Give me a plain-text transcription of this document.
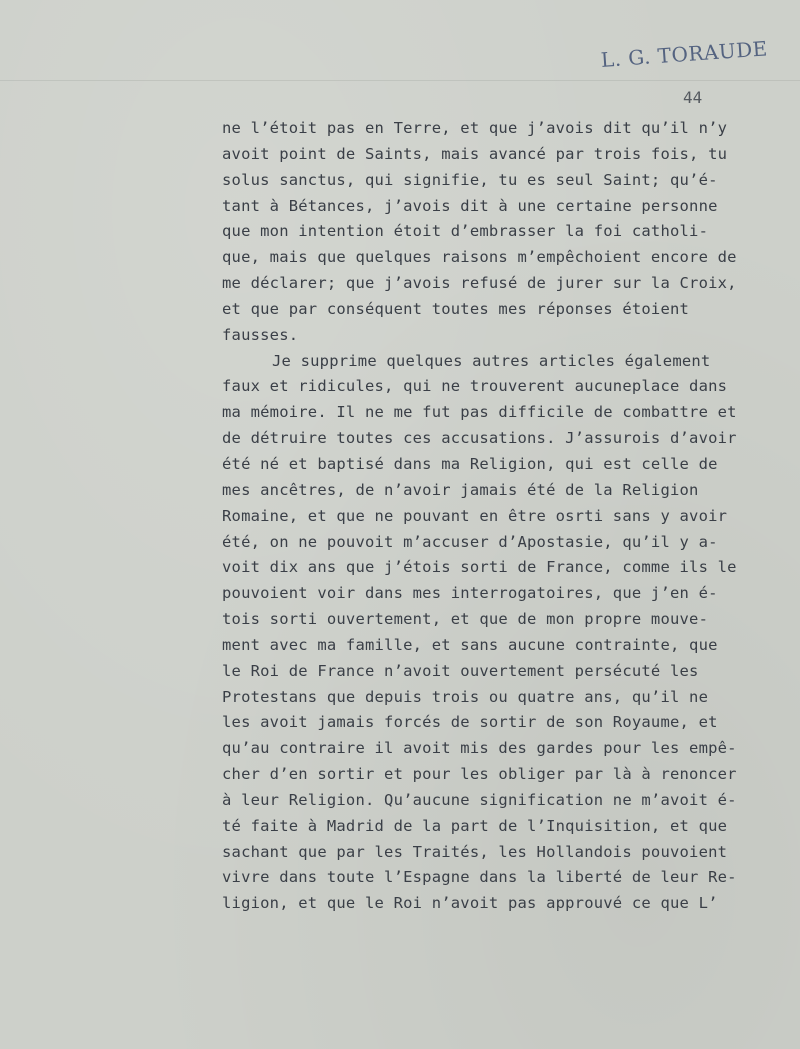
L. G. TORAUDE
44
ne l’étoit pas en Terre, et que j’avois dit qu’il n’y
avoit point de Saints, mais avancé par trois fois, tu
solus sanctus, qui signifie, tu es seul Saint; qu’é-
tant à Bétances, j’avois dit à une certaine personne
que mon intention étoit d’embrasser la foi catholi-
que, mais que quelques raisons m’empêchoient encore de
me déclarer; que j’avois refusé de jurer sur la Croix,
et que par conséquent toutes mes réponses étoient
fausses.
Je supprime quelques autres articles également
faux et ridicules, qui ne trouverent aucuneplace dans
ma mémoire. Il ne me fut pas difficile de combattre et
de détruire toutes ces accusations. J’assurois d’avoir
été né et baptisé dans ma Religion, qui est celle de
mes ancêtres, de n’avoir jamais été de la Religion
Romaine, et que ne pouvant en être osrti sans y avoir
été, on ne pouvoit m’accuser d’Apostasie, qu’il y a-
voit dix ans que j’étois sorti de France, comme ils le
pouvoient voir dans mes interrogatoires, que j’en é-
tois sorti ouvertement, et que de mon propre mouve-
ment avec ma famille, et sans aucune contrainte, que
le Roi de France n’avoit ouvertement persécuté les
Protestans que depuis trois ou quatre ans, qu’il ne
les avoit jamais forcés de sortir de son Royaume, et
qu’au contraire il avoit mis des gardes pour les empê-
cher d’en sortir et pour les obliger par là à renoncer
à leur Religion. Qu’aucune signification ne m’avoit é-
té faite à Madrid de la part de l’Inquisition, et que
sachant que par les Traités, les Hollandois pouvoient
vivre dans toute l’Espagne dans la liberté de leur Re-
ligion, et que le Roi n’avoit pas approuvé ce que L’
